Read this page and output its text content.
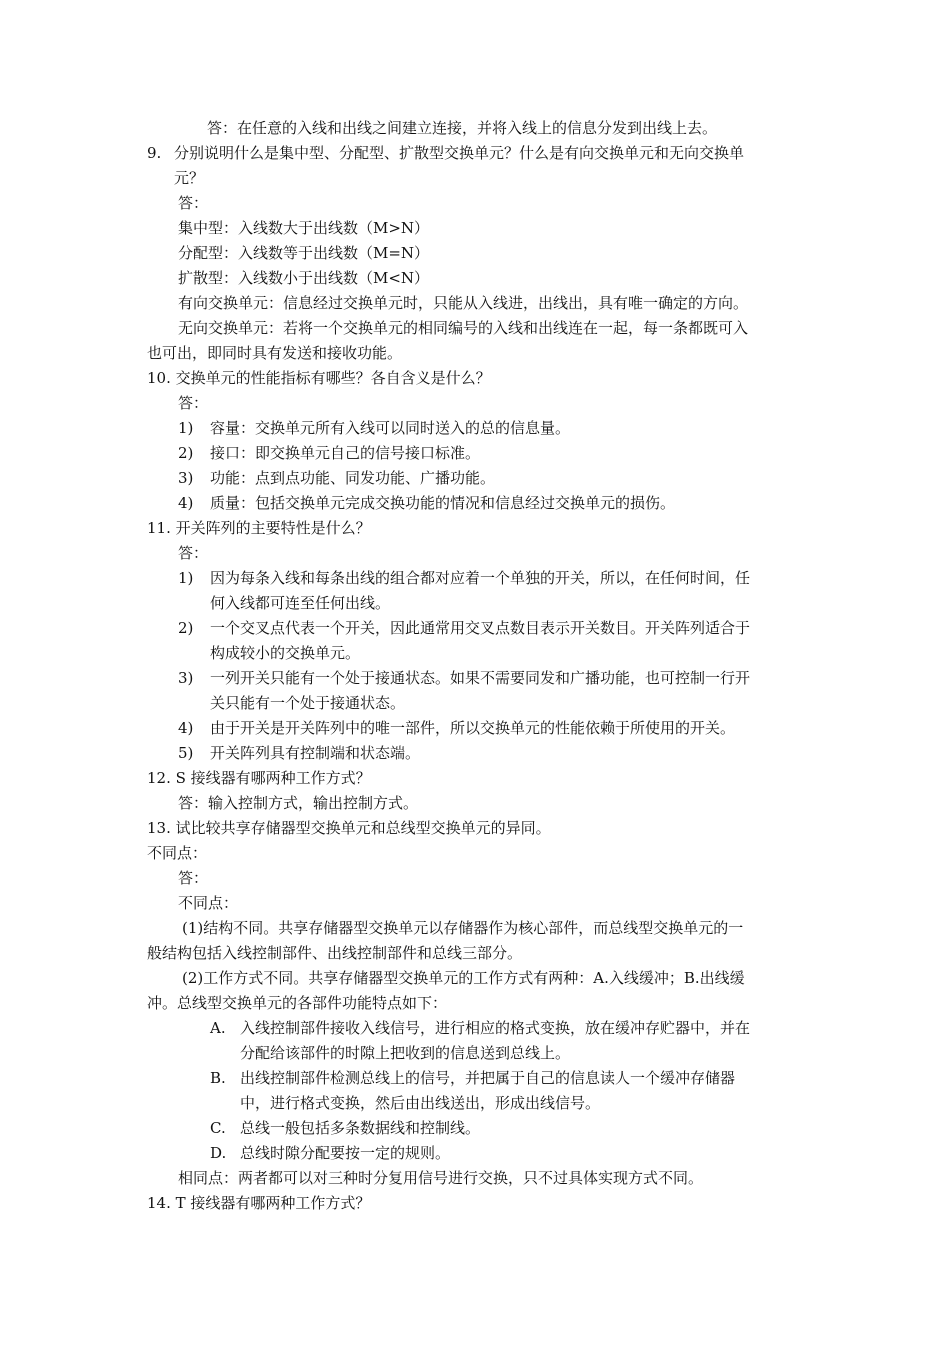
答：在任意的入线和出线之间建立连接，并将入线上的信息分发到出线上去。
9. 分别说明什么是集中型、分配型、扩散型交换单元？什么是有向交换单元和无向交换单
元？
答：
集中型：入线数大于出线数（M>N）
分配型：入线数等于出线数（M=N）
扩散型：入线数小于出线数（M<N）
有向交换单元：信息经过交换单元时，只能从入线进，出线出，具有唯一确定的方向。
无向交换单元：若将一个交换单元的相同编号的入线和出线连在一起，每一条都既可入
也可出，即同时具有发送和接收功能。
10. 交换单元的性能指标有哪些？各自含义是什么？
答：
1) 容量：交换单元所有入线可以同时送入的总的信息量。
2) 接口：即交换单元自己的信号接口标准。
3) 功能：点到点功能、同发功能、广播功能。
4) 质量：包括交换单元完成交换功能的情况和信息经过交换单元的损伤。
11. 开关阵列的主要特性是什么？
答：
1) 因为每条入线和每条出线的组合都对应着一个单独的开关，所以，在任何时间，任
何入线都可连至任何出线。
2) 一个交叉点代表一个开关，因此通常用交叉点数目表示开关数目。开关阵列适合于
构成较小的交换单元。
3) 一列开关只能有一个处于接通状态。如果不需要同发和广播功能，也可控制一行开
关只能有一个处于接通状态。
4) 由于开关是开关阵列中的唯一部件，所以交换单元的性能依赖于所使用的开关。
5) 开关阵列具有控制端和状态端。
12. S 接线器有哪两种工作方式？
答：输入控制方式，输出控制方式。
13. 试比较共享存储器型交换单元和总线型交换单元的异同。
不同点：
答：
不同点：
(1)结构不同。共享存储器型交换单元以存储器作为核心部件，而总线型交换单元的一
般结构包括入线控制部件、出线控制部件和总线三部分。
(2)工作方式不同。共享存储器型交换单元的工作方式有两种：A.入线缓冲；B.出线缓
冲。总线型交换单元的各部件功能特点如下：
A. 入线控制部件接收入线信号，进行相应的格式变换，放在缓冲存贮器中，并在
分配给该部件的时隙上把收到的信息送到总线上。
B. 出线控制部件检测总线上的信号，并把属于自己的信息读人一个缓冲存储器
中，进行格式变换，然后由出线送出，形成出线信号。
C. 总线一般包括多条数据线和控制线。
D. 总线时隙分配要按一定的规则。
相同点：两者都可以对三种时分复用信号进行交换，只不过具体实现方式不同。
14. T 接线器有哪两种工作方式？
